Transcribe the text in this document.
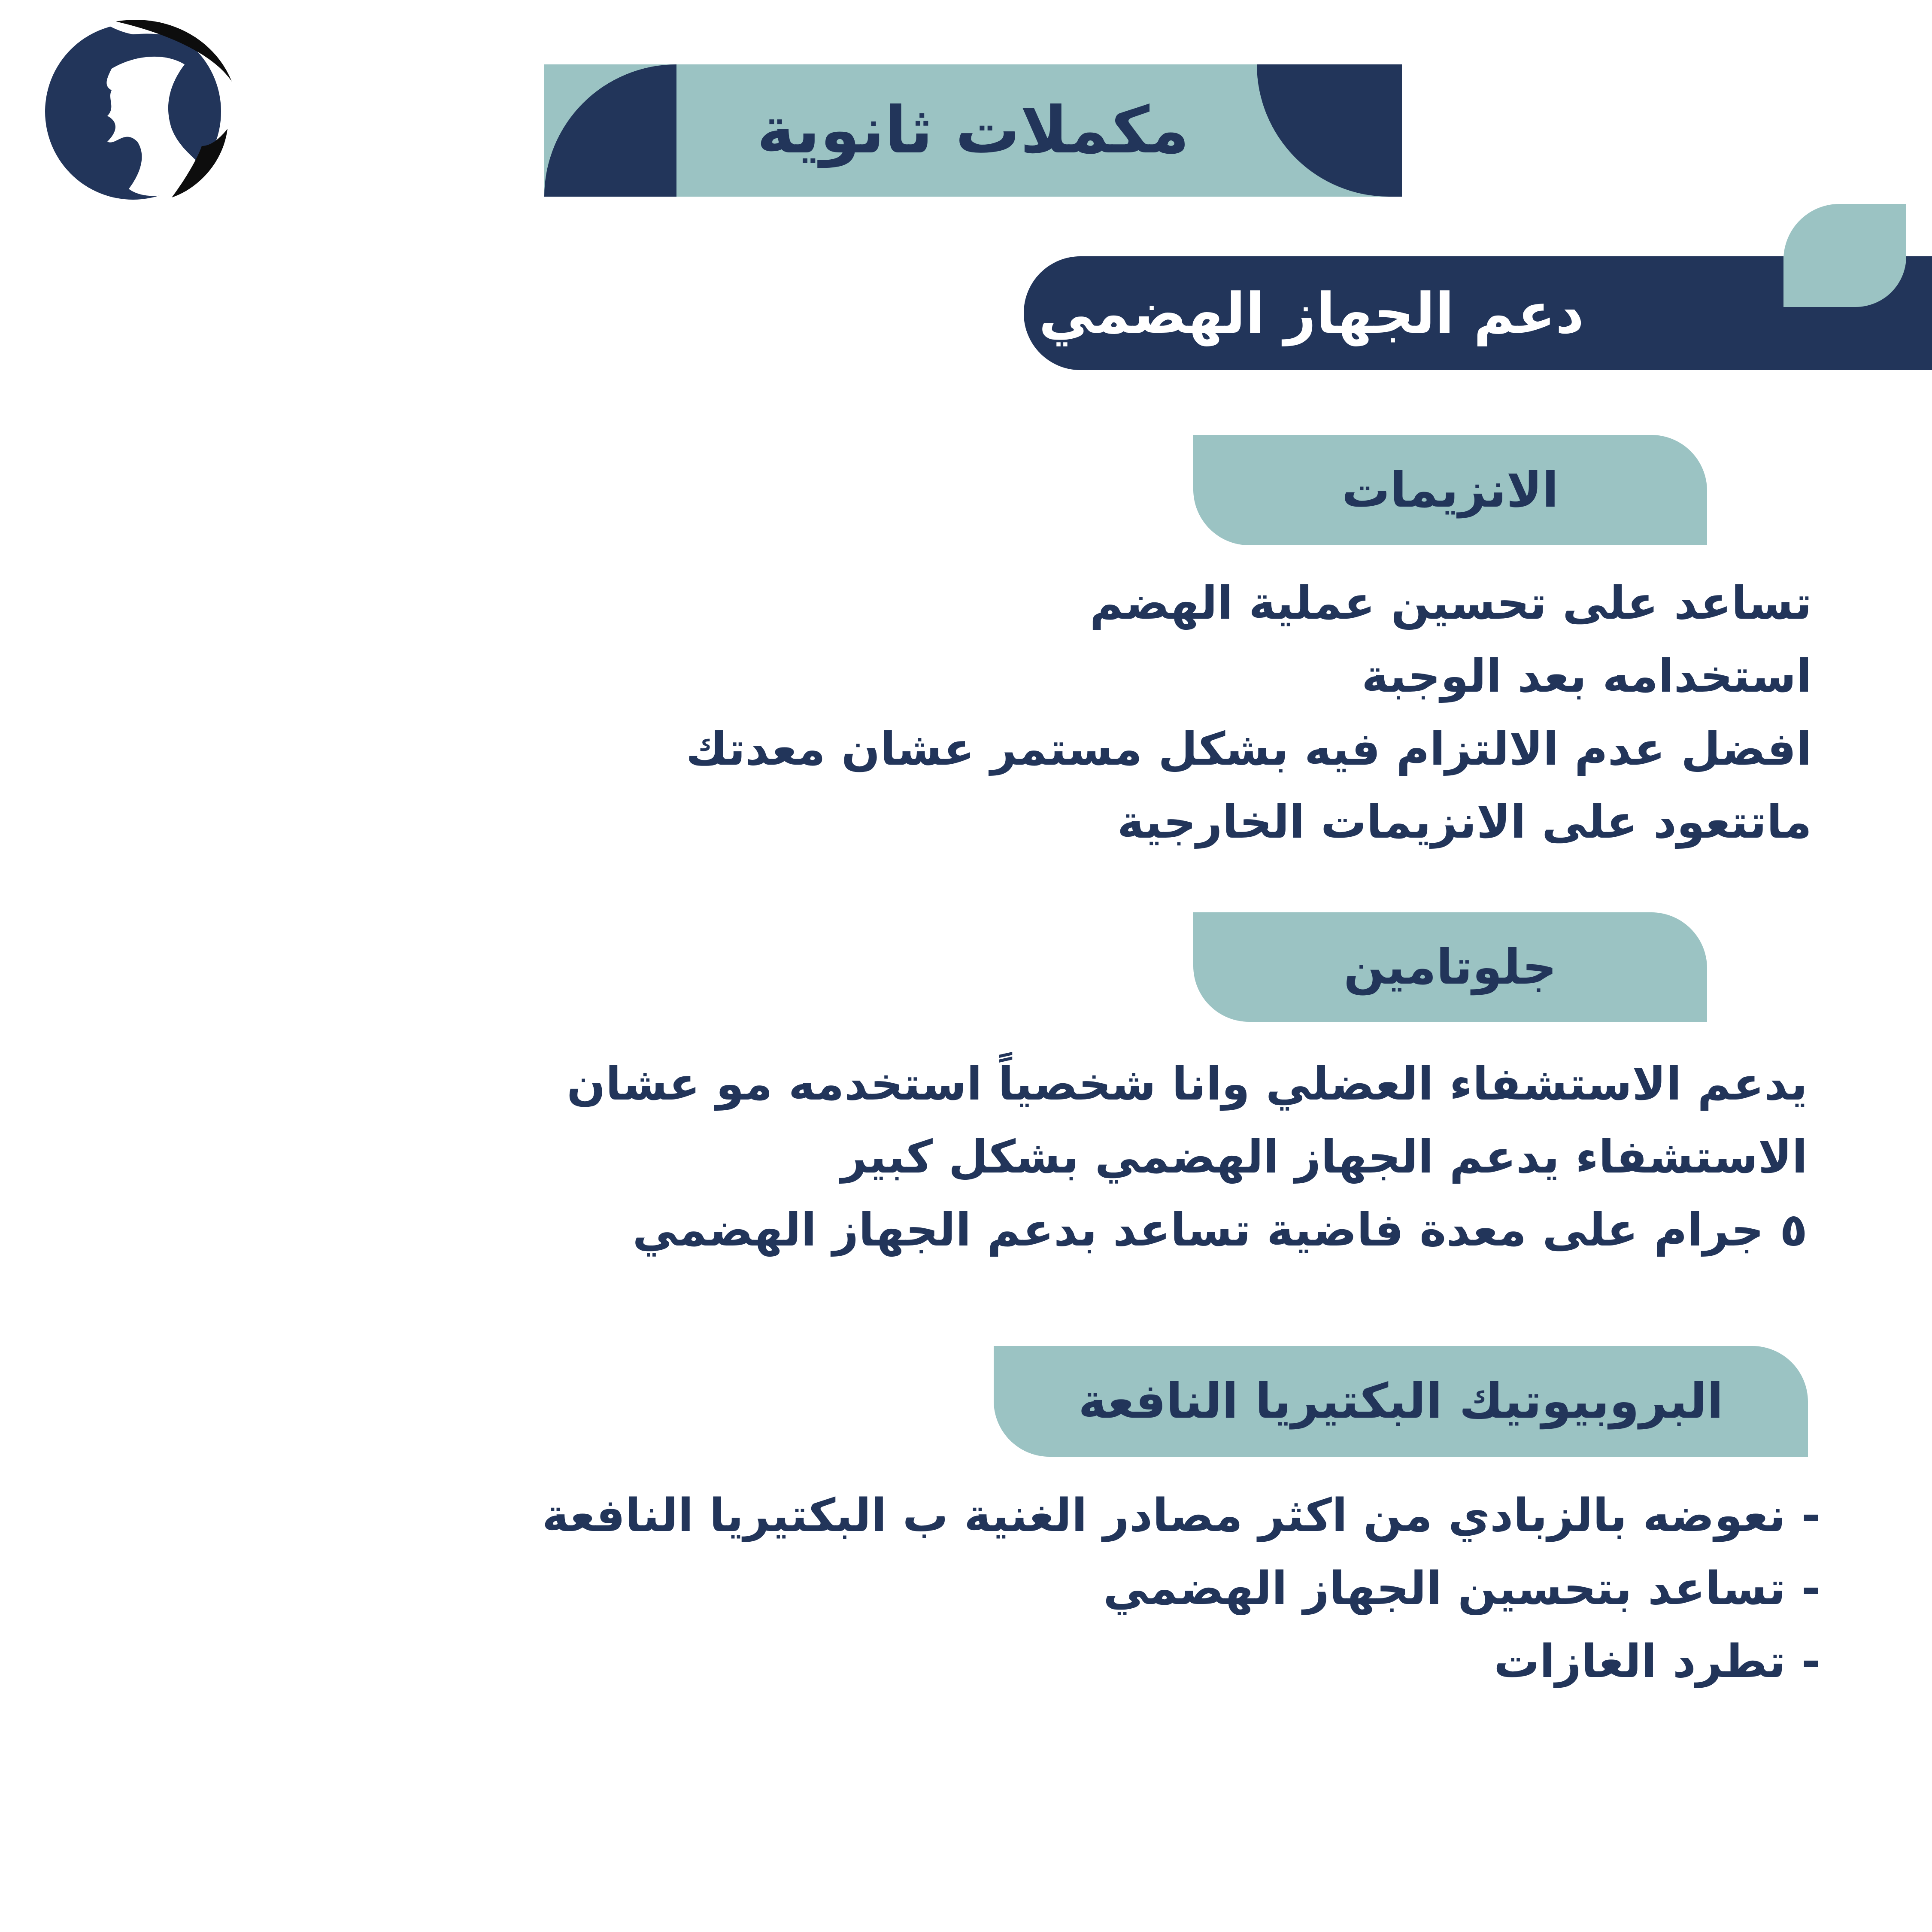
مكملات ثانوية
دعم الجهاز الهضمي
الانزيمات
تساعد على تحسين عملية الهضم
استخدامه بعد الوجبة
افضل عدم الالتزام فيه بشكل مستمر عشان معدتك
ماتتعود على الانزيمات الخارجية
جلوتامين
يدعم الاستشفاء العضلي وانا شخصياً استخدمه مو عشان
الاستشفاء يدعم الجهاز الهضمي بشكل كبير
٥ جرام على معدة فاضية تساعد بدعم الجهاز الهضمي
البروبيوتيك البكتيريا النافعة
- نعوضه بالزبادي من اكثر مصادر الغنية ب البكتيريا النافعة
- تساعد بتحسين الجهاز الهضمي
- تطرد الغازات
